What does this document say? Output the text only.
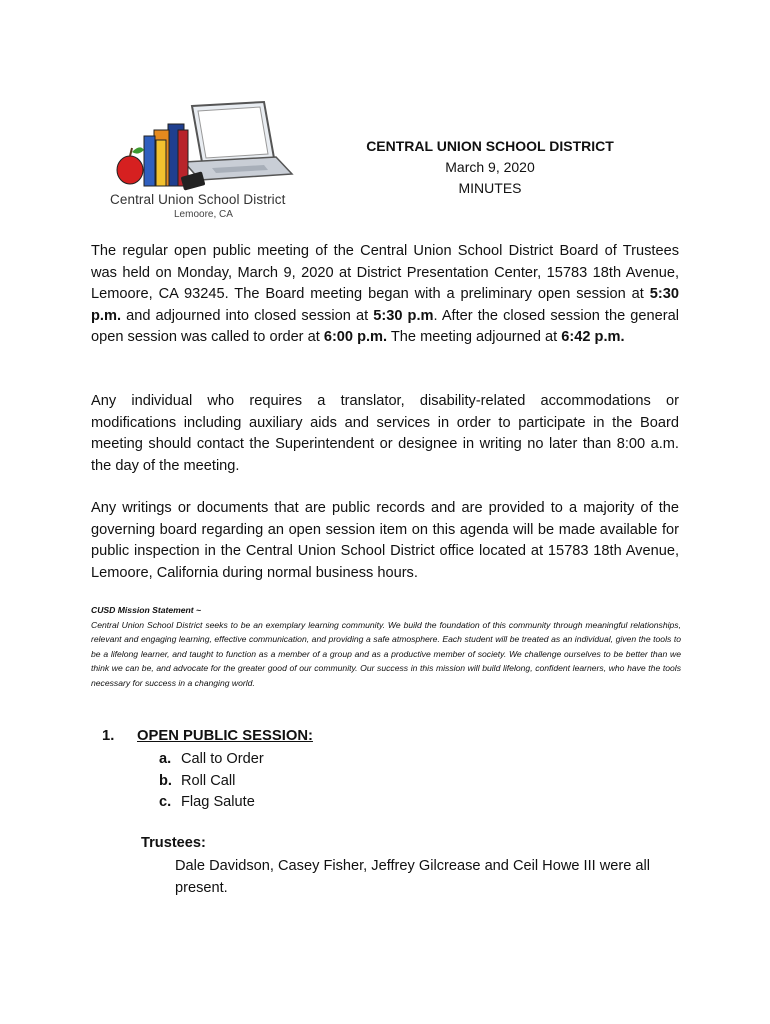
Central Union School District
Lemoore, CA
CENTRAL UNION SCHOOL DISTRICT
March 9, 2020
MINUTES

The regular open public meeting of the Central Union School District Board of Trustees was held on Monday, March 9, 2020 at District Presentation Center, 15783 18th Avenue, Lemoore, CA 93245. The Board meeting began with a preliminary open session at 5:30 p.m. and adjourned into closed session at 5:30 p.m. After the closed session the general open session was called to order at 6:00 p.m. The meeting adjourned at 6:42 p.m.

Any individual who requires a translator, disability-related accommodations or modifications including auxiliary aids and services in order to participate in the Board meeting should contact the Superintendent or designee in writing no later than 8:00 a.m. the day of the meeting.

Any writings or documents that are public records and are provided to a majority of the governing board regarding an open session item on this agenda will be made available for public inspection in the Central Union School District office located at 15783 18th Avenue, Lemoore, California during normal business hours.

CUSD Mission Statement ~
Central Union School District seeks to be an exemplary learning community. We build the foundation of this community through meaningful relationships, relevant and engaging learning, effective communication, and providing a safe atmosphere. Each student will be treated as an individual, given the tools to be a lifelong learner, and taught to function as a member of a group and as a productive member of society. We challenge ourselves to be better than we think we can be, and advocate for the greater good of our community. Our success in this mission will build lifelong, confident learners, who have the tools necessary for success in a changing world.
1. OPEN PUBLIC SESSION:
a. Call to Order
b. Roll Call
c. Flag Salute
Trustees:
Dale Davidson, Casey Fisher, Jeffrey Gilcrease and Ceil Howe III were all present.
